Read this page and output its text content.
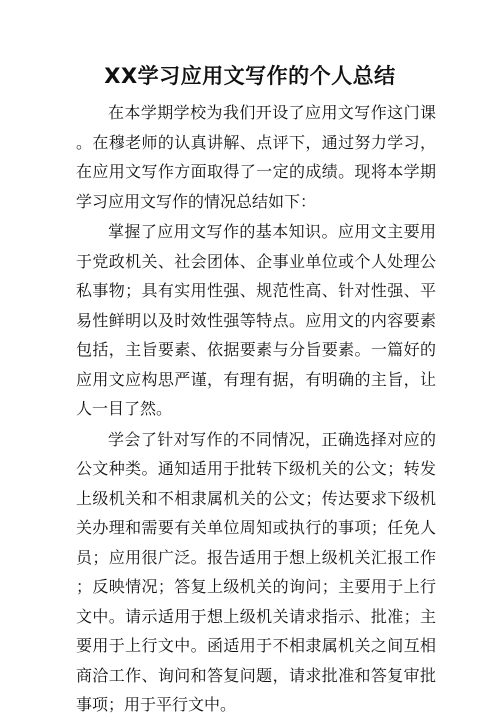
XX学习应用文写作的个人总结

在本学期学校为我们开设了应用文写作这门课。在穆老师的认真讲解、点评下，通过努力学习，在应用文写作方面取得了一定的成绩。现将本学期学习应用文写作的情况总结如下：

掌握了应用文写作的基本知识。应用文主要用于党政机关、社会团体、企事业单位或个人处理公私事物；具有实用性强、规范性高、针对性强、平易性鲜明以及时效性强等特点。应用文的内容要素包括，主旨要素、依据要素与分旨要素。一篇好的应用文应构思严谨，有理有据，有明确的主旨，让人一目了然。

学会了针对写作的不同情况，正确选择对应的公文种类。通知适用于批转下级机关的公文；转发上级机关和不相隶属机关的公文；传达要求下级机关办理和需要有关单位周知或执行的事项；任免人员；应用很广泛。报告适用于想上级机关汇报工作；反映情况；答复上级机关的询问；主要用于上行文中。请示适用于想上级机关请求指示、批准；主要用于上行文中。函适用于不相隶属机关之间互相商洽工作、询问和答复问题，请求批准和答复审批事项；用于平行文中。
